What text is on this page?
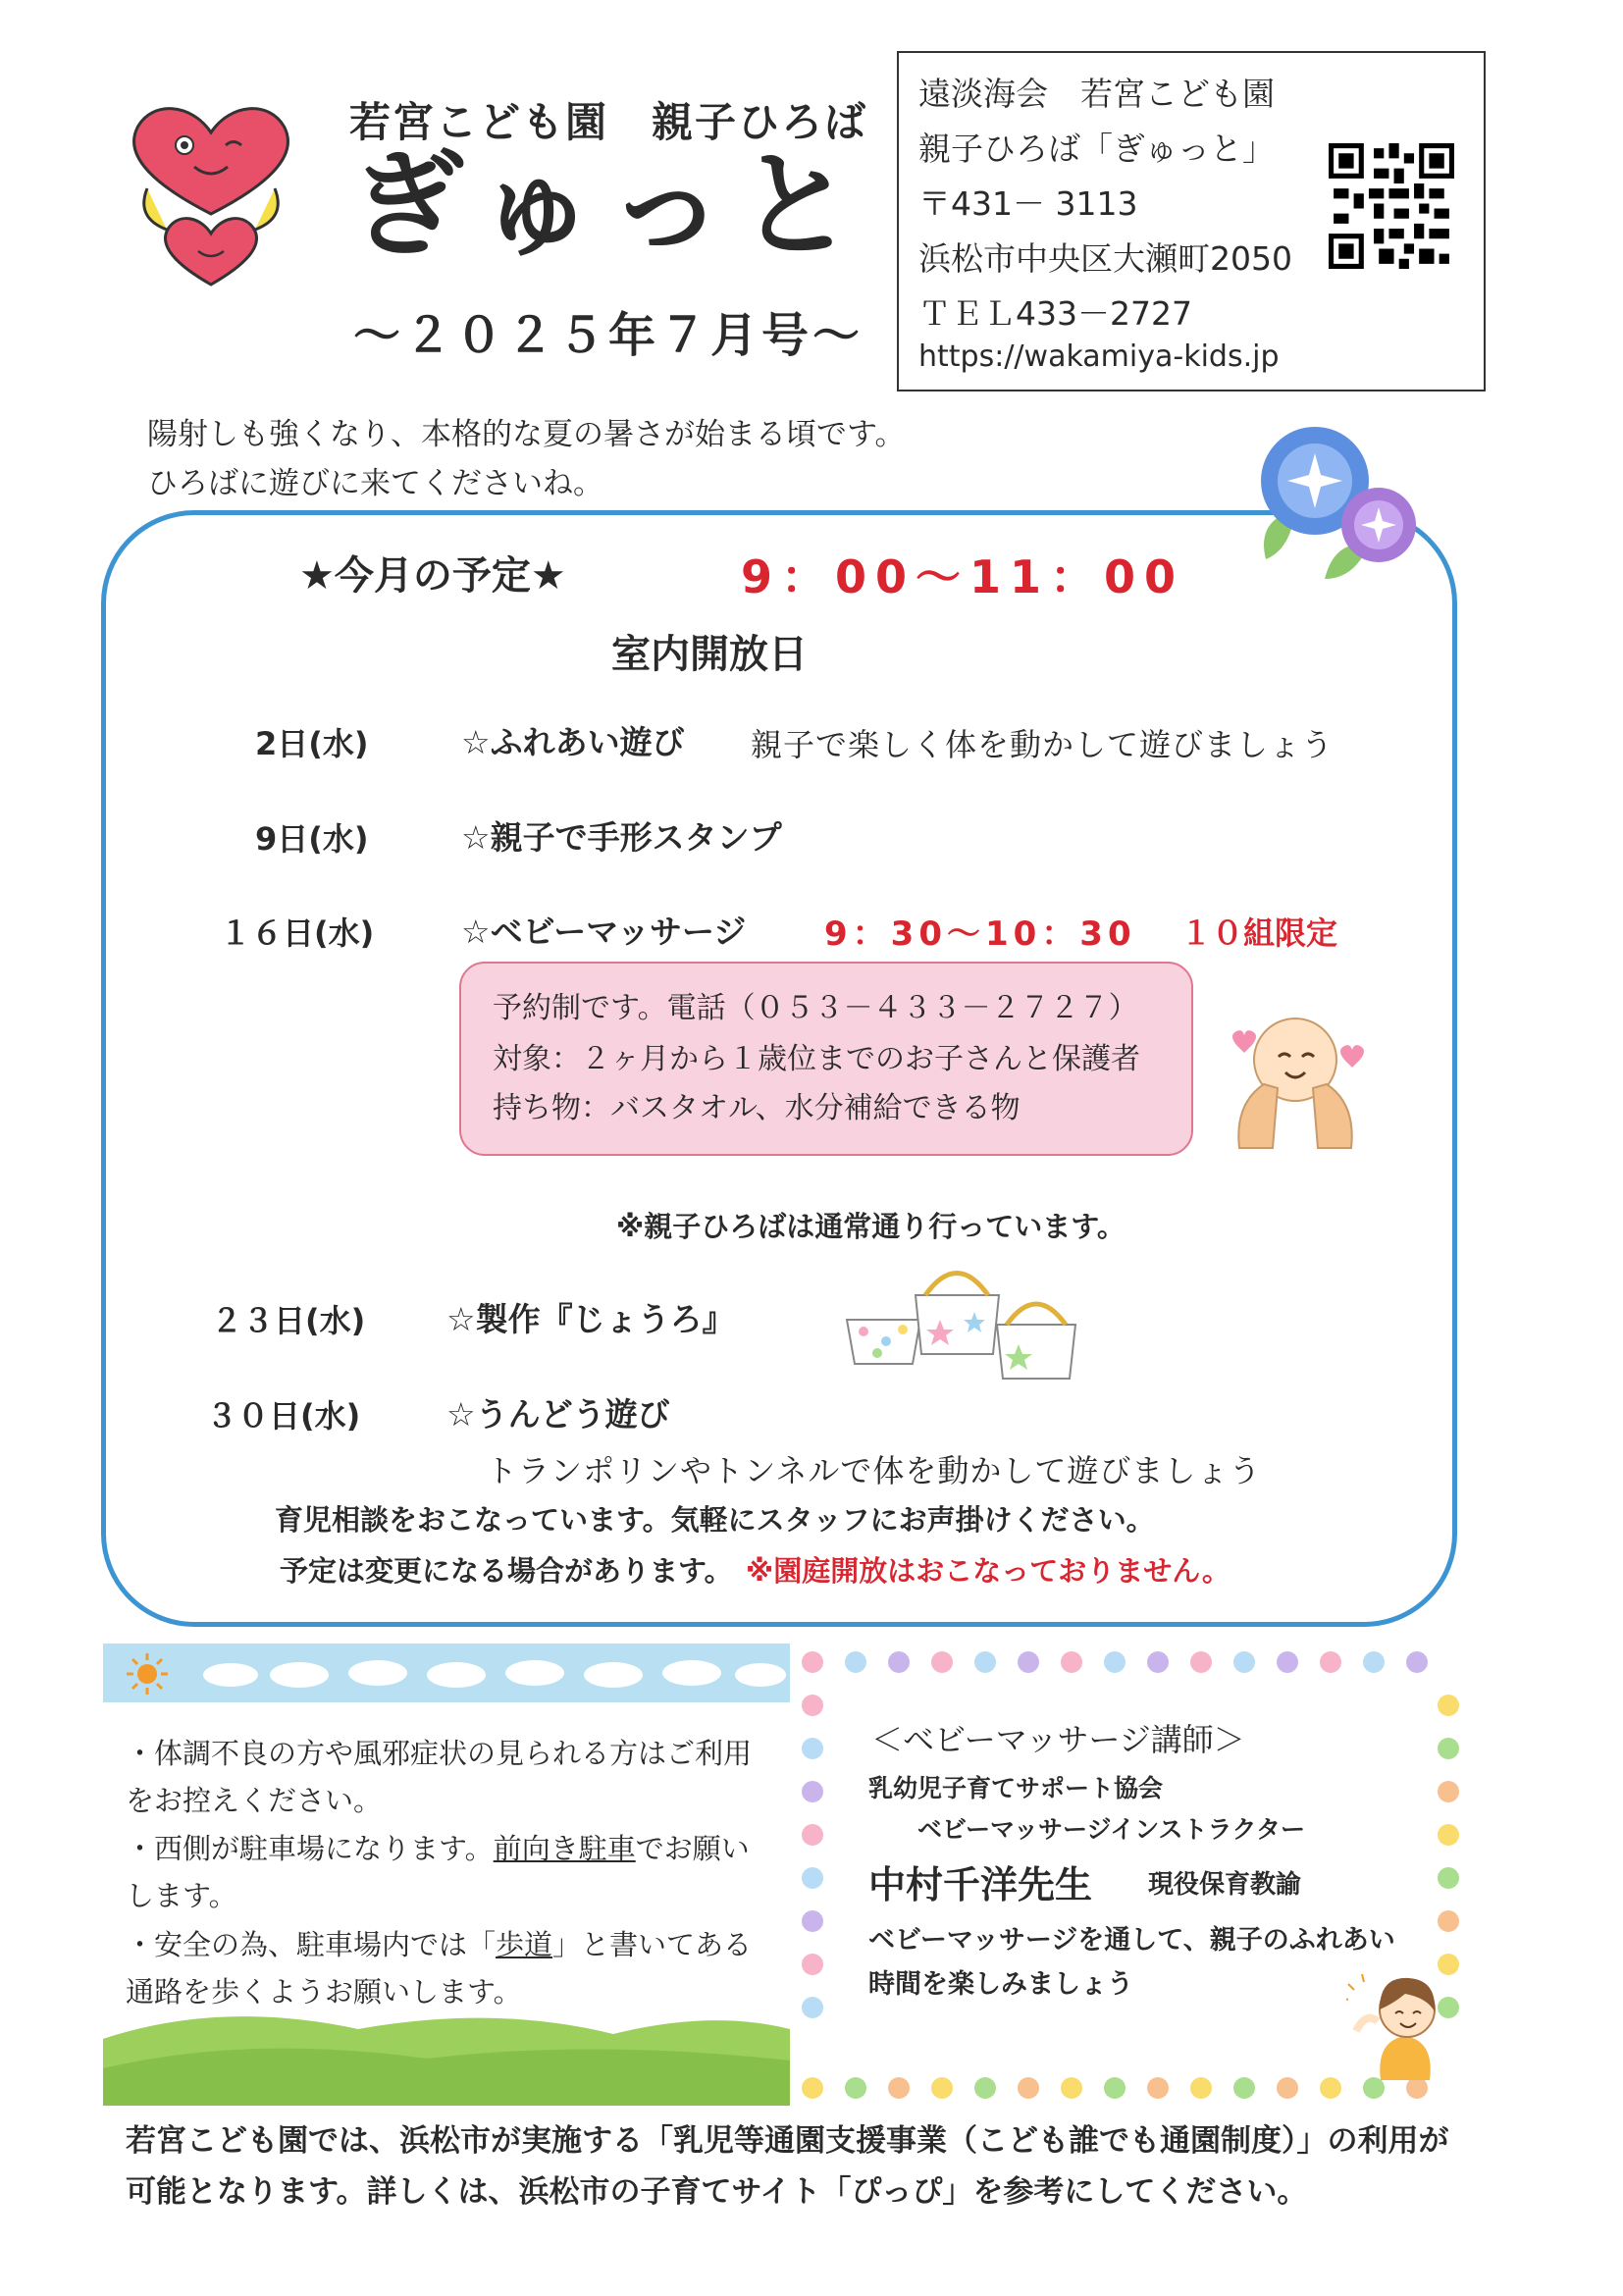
若宮こども園　親子ひろば
ぎゅっと
〜２０２５年７月号〜
遠淡海会　若宮こども園
親子ひろば「ぎゅっと」
〒431－ 3113
浜松市中央区大瀬町2050
ＴＥＬ433－2727
https://wakamiya-kids.jp
陽射しも強くなり、本格的な夏の暑さが始まる頃です。
ひろばに遊びに来てくださいね。
★今月の予定★	9：00〜11：00
室内開放日
2日(水)	☆ふれあい遊び 親子で楽しく体を動かして遊びましょう
9日(水)	☆親子で手形スタンプ
１６日(水)	☆ベビーマッサージ 9：30〜10：30 １０組限定
予約制です。電話（０５３－４３３－２７２７）
対象：２ヶ月から１歳位までのお子さんと保護者
持ち物：バスタオル、水分補給できる物
※親子ひろばは通常通り行っています。
２３日(水)	☆製作『じょうろ』
３０日(水)	☆うんどう遊び
トランポリンやトンネルで体を動かして遊びましょう
育児相談をおこなっています。気軽にスタッフにお声掛けください。
予定は変更になる場合があります。 ※園庭開放はおこなっておりません。
・体調不良の方や風邪症状の見られる方はご利用
をお控えください。
・西側が駐車場になります。前向き駐車でお願い
します。
・安全の為、駐車場内では「歩道」と書いてある
通路を歩くようお願いします。
＜ベビーマッサージ講師＞
乳幼児子育てサポート協会
ベビーマッサージインストラクター
中村千洋先生 現役保育教諭
ベビーマッサージを通して、親子のふれあい
時間を楽しみましょう
若宮こども園では、浜松市が実施する「乳児等通園支援事業（こども誰でも通園制度）」の利用が
可能となります。詳しくは、浜松市の子育てサイト「ぴっぴ」を参考にしてください。
